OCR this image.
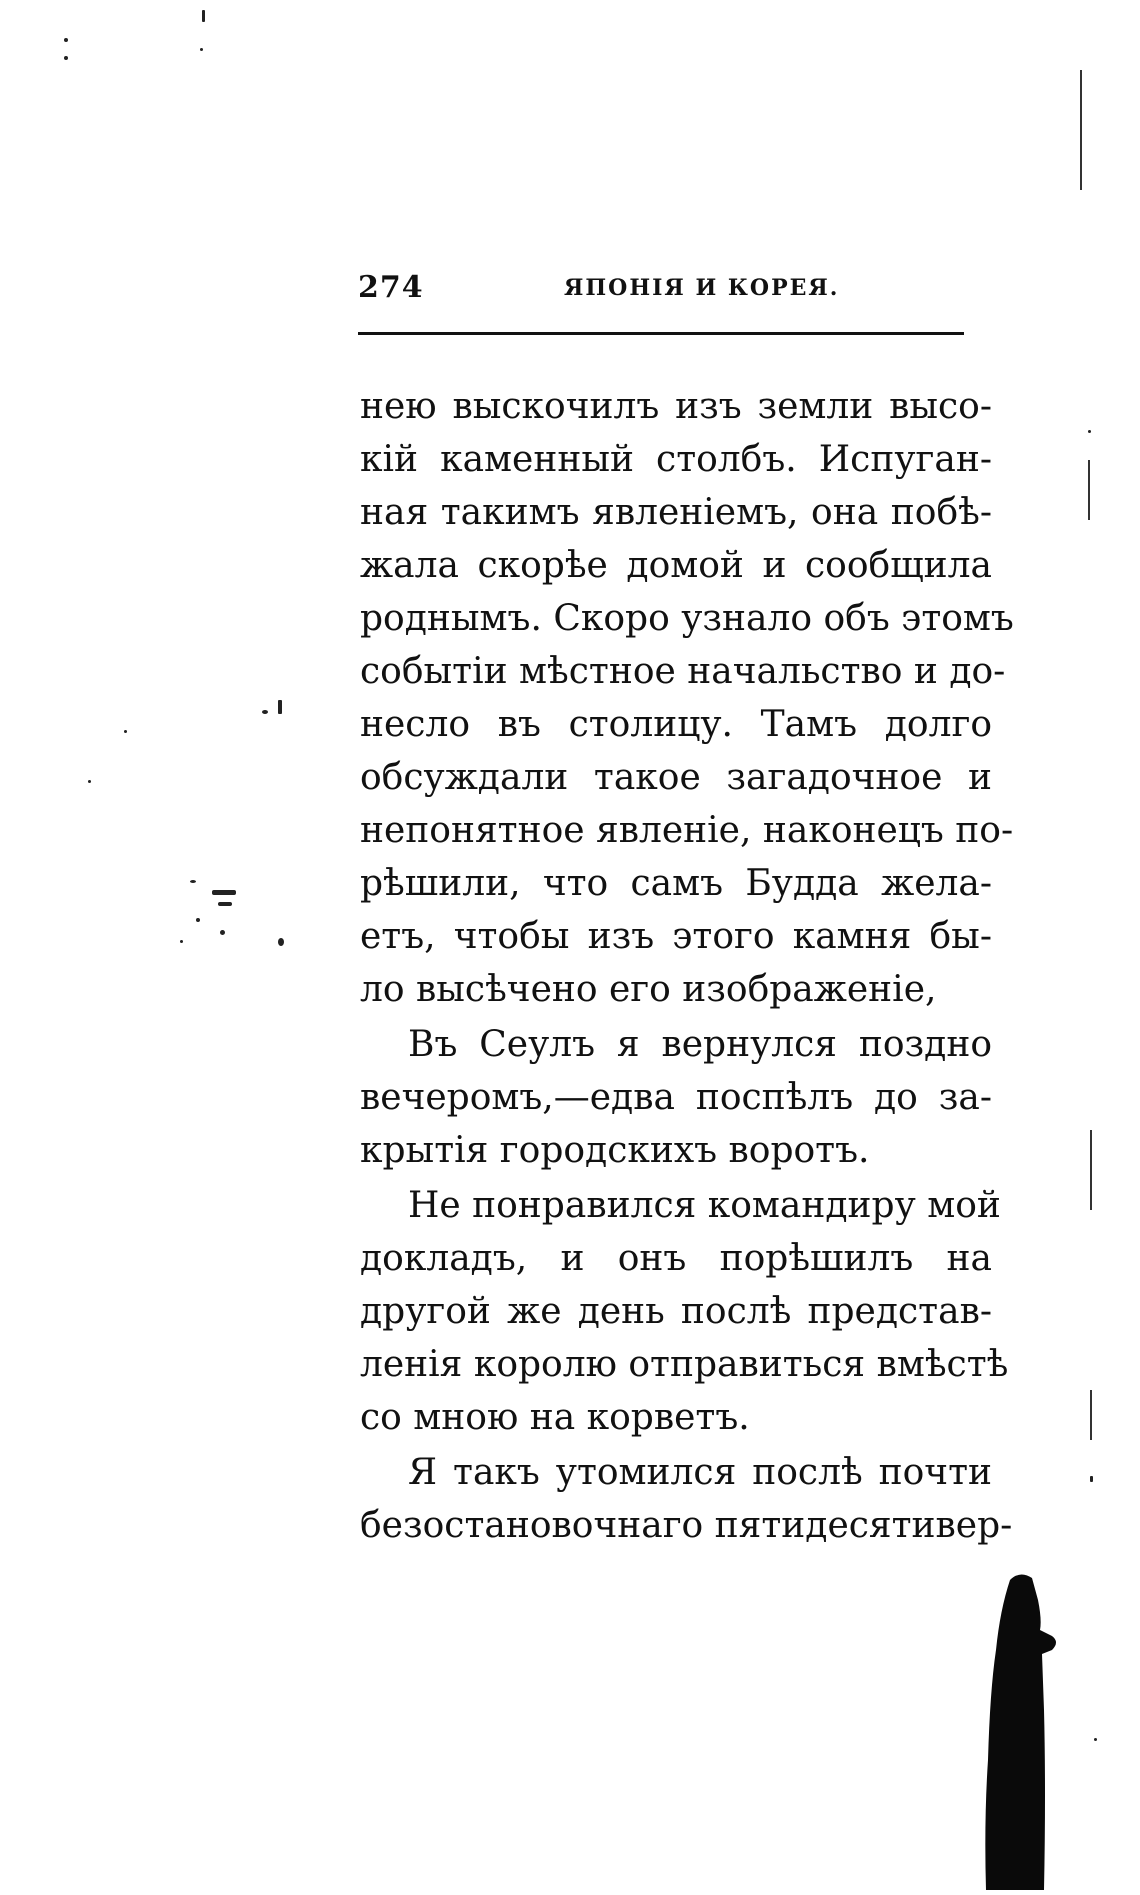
274	ЯПОНІЯ И КОРЕЯ.
нею выскочилъ изъ земли высо-
кій каменный столбъ. Испуган-
ная такимъ явленіемъ, она побѣ-
жала скорѣе домой и сообщила
роднымъ. Скоро узнало объ этомъ
событіи мѣстное начальство и до-
несло въ столицу. Тамъ долго
обсуждали такое загадочное и
непонятное явленіе, наконецъ по-
рѣшили, что самъ Будда жела-
етъ, чтобы изъ этого камня бы-
ло высѣчено его изображеніе,
Въ Сеулъ я вернулся поздно
вечеромъ,—едва поспѣлъ до за-
крытія городскихъ воротъ.
Не понравился командиру мой
докладъ, и онъ порѣшилъ на
другой же день послѣ представ-
ленія королю отправиться вмѣстѣ
со мною на корветъ.
Я такъ утомился послѣ почти
безостановочнаго пятидесятивер-
